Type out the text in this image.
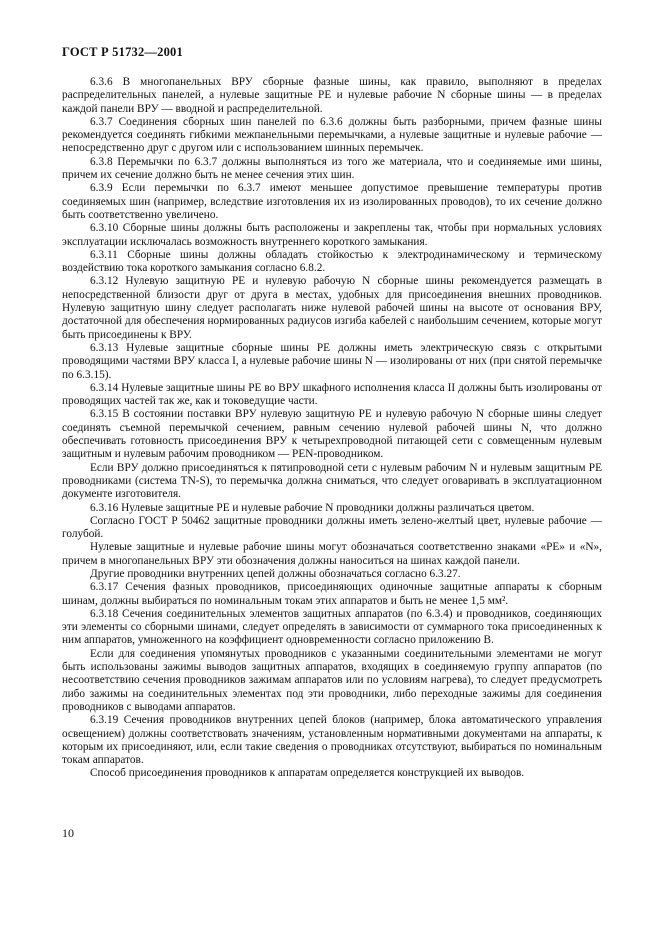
ГОСТ Р 51732—2001

6.3.6 В многопанельных ВРУ сборные фазные шины, как правило, выполняют в пределах распределительных панелей, а нулевые защитные PE и нулевые рабочие N сборные шины — в пределах каждой панели ВРУ — вводной и распределительной.

6.3.7 Соединения сборных шин панелей по 6.3.6 должны быть разборными, причем фазные шины рекомендуется соединять гибкими межпанельными перемычками, а нулевые защитные и нулевые рабочие — непосредственно друг с другом или с использованием шинных перемычек.

6.3.8 Перемычки по 6.3.7 должны выполняться из того же материала, что и соединяемые ими шины, причем их сечение должно быть не менее сечения этих шин.

6.3.9 Если перемычки по 6.3.7 имеют меньшее допустимое превышение температуры против соединяемых шин (например, вследствие изготовления их из изолированных проводов), то их сечение должно быть соответственно увеличено.

6.3.10 Сборные шины должны быть расположены и закреплены так, чтобы при нормальных условиях эксплуатации исключалась возможность внутреннего короткого замыкания.

6.3.11 Сборные шины должны обладать стойкостью к электродинамическому и термическому воздействию тока короткого замыкания согласно 6.8.2.

6.3.12 Нулевую защитную PE и нулевую рабочую N сборные шины рекомендуется размещать в непосредственной близости друг от друга в местах, удобных для присоединения внешних проводников. Нулевую защитную шину следует располагать ниже нулевой рабочей шины на высоте от основания ВРУ, достаточной для обеспечения нормированных радиусов изгиба кабелей с наибольшим сечением, которые могут быть присоединены к ВРУ.

6.3.13 Нулевые защитные сборные шины PE должны иметь электрическую связь с открытыми проводящими частями ВРУ класса I, а нулевые рабочие шины N — изолированы от них (при снятой перемычке по 6.3.15).

6.3.14 Нулевые защитные шины PE во ВРУ шкафного исполнения класса II должны быть изолированы от проводящих частей так же, как и токоведущие части.

6.3.15 В состоянии поставки ВРУ нулевую защитную PE и нулевую рабочую N сборные шины следует соединять съемной перемычкой сечением, равным сечению нулевой рабочей шины N, что должно обеспечивать готовность присоединения ВРУ к четырехпроводной питающей сети с совмещенным нулевым защитным и нулевым рабочим проводником — PEN-проводником.

Если ВРУ должно присоединяться к пятипроводной сети с нулевым рабочим N и нулевым защитным PE проводниками (система TN-S), то перемычка должна сниматься, что следует оговаривать в эксплуатационном документе изготовителя.

6.3.16 Нулевые защитные PE и нулевые рабочие N проводники должны различаться цветом.

Согласно ГОСТ Р 50462 защитные проводники должны иметь зелено-желтый цвет, нулевые рабочие — голубой.

Нулевые защитные и нулевые рабочие шины могут обозначаться соответственно знаками «PE» и «N», причем в многопанельных ВРУ эти обозначения должны наноситься на шинах каждой панели.

Другие проводники внутренних цепей должны обозначаться согласно 6.3.27.

6.3.17 Сечения фазных проводников, присоединяющих одиночные защитные аппараты к сборным шинам, должны выбираться по номинальным токам этих аппаратов и быть не менее 1,5 мм².

6.3.18 Сечения соединительных элементов защитных аппаратов (по 6.3.4) и проводников, соединяющих эти элементы со сборными шинами, следует определять в зависимости от суммарного тока присоединенных к ним аппаратов, умноженного на коэффициент одновременности согласно приложению В.

Если для соединения упомянутых проводников с указанными соединительными элементами не могут быть использованы зажимы выводов защитных аппаратов, входящих в соединяемую группу аппаратов (по несоответствию сечения проводников зажимам аппаратов или по условиям нагрева), то следует предусмотреть либо зажимы на соединительных элементах под эти проводники, либо переходные зажимы для соединения проводников с выводами аппаратов.

6.3.19 Сечения проводников внутренних цепей блоков (например, блока автоматического управления освещением) должны соответствовать значениям, установленным нормативными документами на аппараты, к которым их присоединяют, или, если такие сведения о проводниках отсутствуют, выбираться по номинальным токам аппаратов.

Способ присоединения проводников к аппаратам определяется конструкцией их выводов.

10
